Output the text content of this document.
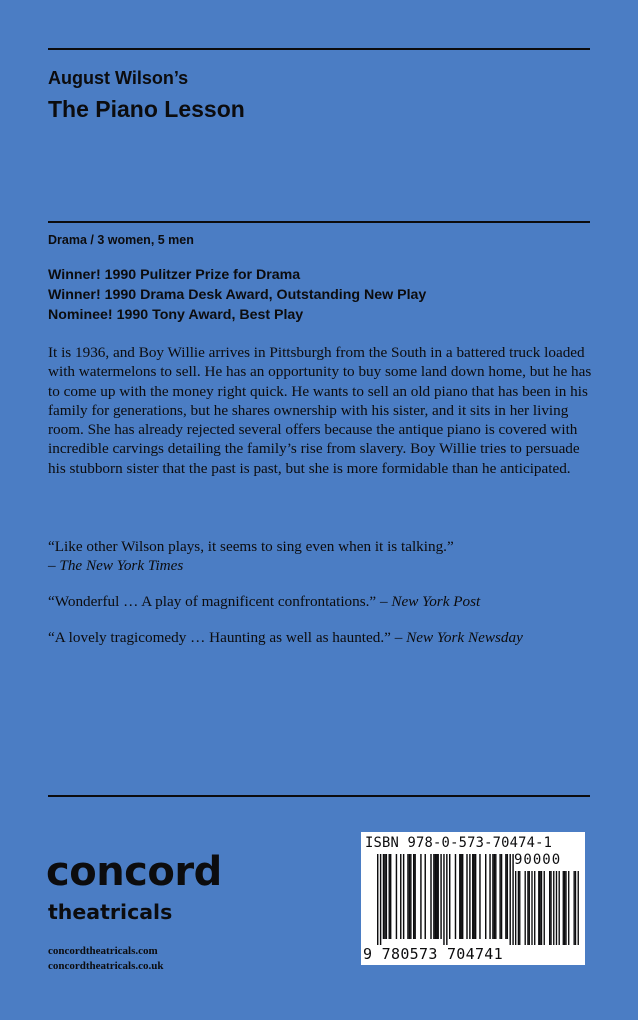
August Wilson’s
The Piano Lesson
Drama / 3 women, 5 men
Winner! 1990 Pulitzer Prize for Drama
Winner! 1990 Drama Desk Award, Outstanding New Play
Nominee! 1990 Tony Award, Best Play

It is 1936, and Boy Willie arrives in Pittsburgh from the South in a battered truck loaded with watermelons to sell. He has an opportunity to buy some land down home, but he has to come up with the money right quick. He wants to sell an old piano that has been in his family for generations, but he shares ownership with his sister, and it sits in her living room. She has already rejected several offers because the antique piano is covered with incredible carvings detailing the family’s rise from slavery. Boy Willie tries to persuade his stubborn sister that the past is past, but she is more formidable than he anticipated.

“Like other Wilson plays, it seems to sing even when it is talking.”
– The New York Times

“Wonderful … A play of magnificent confrontations.” – New York Post

“A lovely tragicomedy … Haunting as well as haunted.” – New York Newsday

concord
theatricals
concordtheatricals.com
concordtheatricals.co.uk
ISBN 978-0-573-70474-1
90000
9 780573 704741
